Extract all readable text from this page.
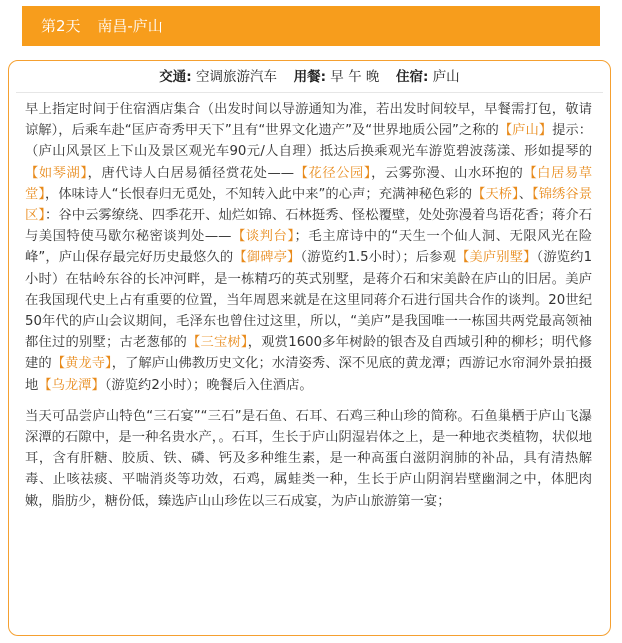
第2天 南昌-庐山
交通: 空调旅游汽车 用餐: 早 午 晚 住宿: 庐山

早上指定时间于住宿酒店集合（出发时间以导游通知为准，若出发时间较早，早餐需打包，敬请谅解），后乘车赴“匡庐奇秀甲天下”且有“世界文化遗产”及“世界地质公园”之称的【庐山】提示：（庐山风景区上下山及景区观光车90元/人自理）抵达后换乘观光车游览碧波荡漾、形如提琴的【如琴湖】，唐代诗人白居易循径赏花处——【花径公园】，云雾弥漫、山水环抱的【白居易草堂】，体味诗人“长恨春归无觅处，不知转入此中来”的心声；充满神秘色彩的【天桥】、【锦绣谷景区】：谷中云雾缭绕、四季花开、灿烂如锦、石林挺秀、怪松覆壁，处处弥漫着鸟语花香；蒋介石与美国特使马歇尔秘密谈判处——【谈判台】；毛主席诗中的“天生一个仙人洞、无限风光在险峰”，庐山保存最完好历史最悠久的【御碑亭】（游览约1.5小时）；后参观【美庐别墅】（游览约1小时）在牯岭东谷的长冲河畔，是一栋精巧的英式别墅，是蒋介石和宋美龄在庐山的旧居。美庐在我国现代史上占有重要的位置，当年周恩来就是在这里同蒋介石进行国共合作的谈判。20世纪50年代的庐山会议期间，毛泽东也曾住过这里，所以，“美庐”是我国唯一一栋国共两党最高领袖都住过的别墅；古老葱郁的【三宝树】，观赏1600多年树龄的银杏及自西域引种的柳杉；明代修建的【黄龙寺】，了解庐山佛教历史文化；水清姿秀、深不见底的黄龙潭；西游记水帘洞外景拍摄地【乌龙潭】（游览约2小时）；晚餐后入住酒店。

当天可品尝庐山特色“三石宴”“三石”是石鱼、石耳、石鸡三种山珍的简称。石鱼巢栖于庐山飞瀑深潭的石隙中，是一种名贵水产，。石耳，生长于庐山阴湿岩体之上，是一种地衣类植物，状似地耳，含有肝糖、胶质、铁、磷、钙及多种维生素，是一种高蛋白滋阴润肺的补品，具有清热解毒、止咳祛痰、平喘消炎等功效，石鸡，属蛙类一种，生长于庐山阴润岩壁幽洞之中，体肥肉嫩，脂肪少，糖份低，臻选庐山山珍佐以三石成宴，为庐山旅游第一宴；
